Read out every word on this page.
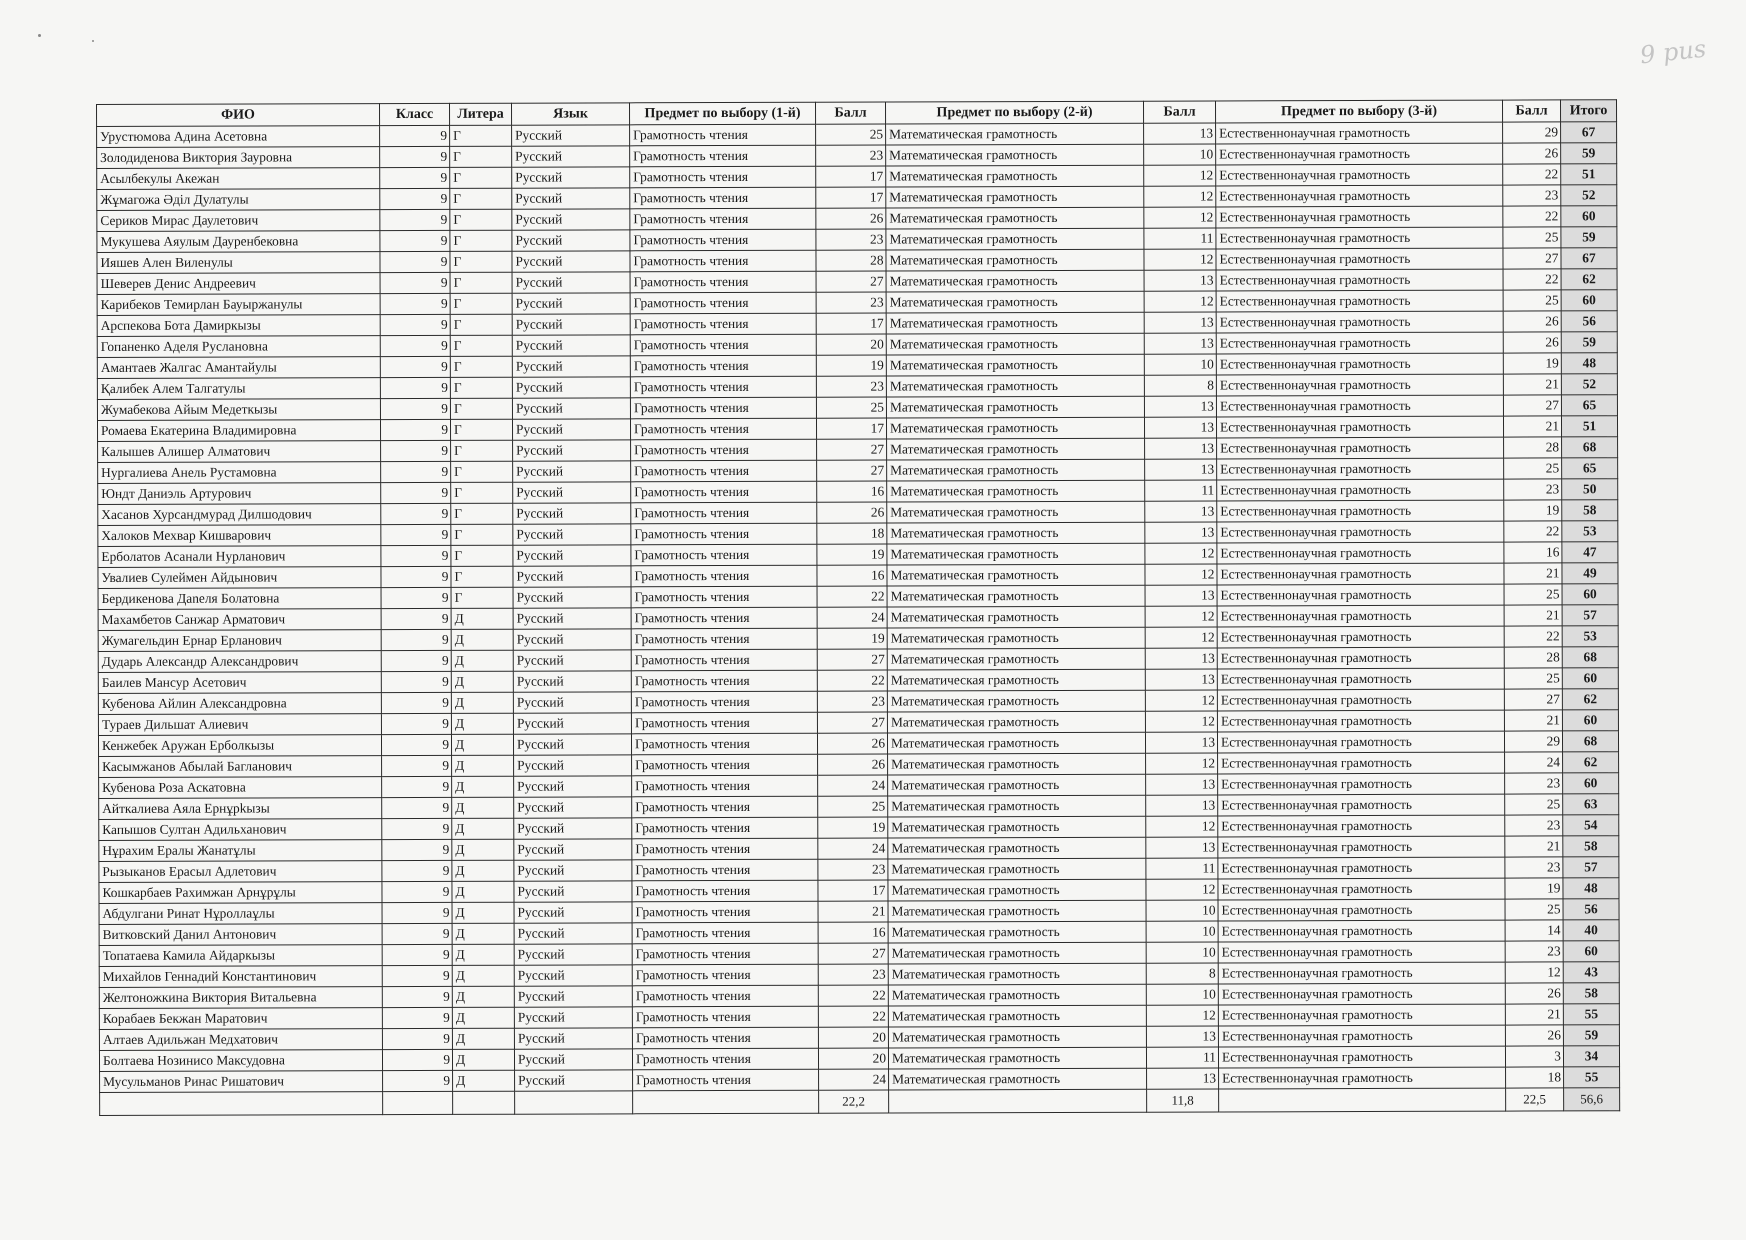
9 рus
ФИО	Класс	Литера	Язык	Предмет по выбору (1-й)	Балл	Предмет по выбору (2-й)	Балл	Предмет по выбору (3-й)	Балл	Итого
Урустюмова Адина Асетовна	9	Г	Русский	Грамотность чтения	25	Математическая грамотность	13	Естественнонаучная грамотность	29	67
Золодиденова Виктория Зауровна	9	Г	Русский	Грамотность чтения	23	Математическая грамотность	10	Естественнонаучная грамотность	26	59
Асылбекулы Акежан	9	Г	Русский	Грамотность чтения	17	Математическая грамотность	12	Естественнонаучная грамотность	22	51
Жұмагожа Әділ Дулатулы	9	Г	Русский	Грамотность чтения	17	Математическая грамотность	12	Естественнонаучная грамотность	23	52
Сериков Мирас Даулетович	9	Г	Русский	Грамотность чтения	26	Математическая грамотность	12	Естественнонаучная грамотность	22	60
Мукушева Аяулым Дауренбековна	9	Г	Русский	Грамотность чтения	23	Математическая грамотность	11	Естественнонаучная грамотность	25	59
Ияшев Ален Виленулы	9	Г	Русский	Грамотность чтения	28	Математическая грамотность	12	Естественнонаучная грамотность	27	67
Шеверев Денис Андреевич	9	Г	Русский	Грамотность чтения	27	Математическая грамотность	13	Естественнонаучная грамотность	22	62
Карибеков Темирлан Бауыржанулы	9	Г	Русский	Грамотность чтения	23	Математическая грамотность	12	Естественнонаучная грамотность	25	60
Арспекова Бота Дамиркызы	9	Г	Русский	Грамотность чтения	17	Математическая грамотность	13	Естественнонаучная грамотность	26	56
Гопаненко Аделя Руслановна	9	Г	Русский	Грамотность чтения	20	Математическая грамотность	13	Естественнонаучная грамотность	26	59
Амантаев Жалгас Амантайулы	9	Г	Русский	Грамотность чтения	19	Математическая грамотность	10	Естественнонаучная грамотность	19	48
Қалибек Алем Талгатулы	9	Г	Русский	Грамотность чтения	23	Математическая грамотность	8	Естественнонаучная грамотность	21	52
Жумабекова Айым Медеткызы	9	Г	Русский	Грамотность чтения	25	Математическая грамотность	13	Естественнонаучная грамотность	27	65
Ромаева Екатерина Владимировна	9	Г	Русский	Грамотность чтения	17	Математическая грамотность	13	Естественнонаучная грамотность	21	51
Калышев Алишер Алматович	9	Г	Русский	Грамотность чтения	27	Математическая грамотность	13	Естественнонаучная грамотность	28	68
Нургалиева Анель Рустамовна	9	Г	Русский	Грамотность чтения	27	Математическая грамотность	13	Естественнонаучная грамотность	25	65
Юндт Даниэль Артурович	9	Г	Русский	Грамотность чтения	16	Математическая грамотность	11	Естественнонаучная грамотность	23	50
Хасанов Хурсандмурад Дилшодович	9	Г	Русский	Грамотность чтения	26	Математическая грамотность	13	Естественнонаучная грамотность	19	58
Халоков Мехвар Кишварович	9	Г	Русский	Грамотность чтения	18	Математическая грамотность	13	Естественнонаучная грамотность	22	53
Ерболатов Асанали Нурланович	9	Г	Русский	Грамотность чтения	19	Математическая грамотность	12	Естественнонаучная грамотность	16	47
Увалиев Сулеймен Айдынович	9	Г	Русский	Грамотность чтения	16	Математическая грамотность	12	Естественнонаучная грамотность	21	49
Бердикенова Даneля Болатовна	9	Г	Русский	Грамотность чтения	22	Математическая грамотность	13	Естественнонаучная грамотность	25	60
Махамбетов Санжар Арматович	9	Д	Русский	Грамотность чтения	24	Математическая грамотность	12	Естественнонаучная грамотность	21	57
Жумагельдин Ернар Ерланович	9	Д	Русский	Грамотность чтения	19	Математическая грамотность	12	Естественнонаучная грамотность	22	53
Дударь Александр Александрович	9	Д	Русский	Грамотность чтения	27	Математическая грамотность	13	Естественнонаучная грамотность	28	68
Баилев Мансур Асетович	9	Д	Русский	Грамотность чтения	22	Математическая грамотность	13	Естественнонаучная грамотность	25	60
Кубенова Айлин Александровна	9	Д	Русский	Грамотность чтения	23	Математическая грамотность	12	Естественнонаучная грамотность	27	62
Тураев Дильшат Алиевич	9	Д	Русский	Грамотность чтения	27	Математическая грамотность	12	Естественнонаучная грамотность	21	60
Кенжебек Аружан Ерболкызы	9	Д	Русский	Грамотность чтения	26	Математическая грамотность	13	Естественнонаучная грамотность	29	68
Касымжанов Абылай Багланович	9	Д	Русский	Грамотность чтения	26	Математическая грамотность	12	Естественнонаучная грамотность	24	62
Кубенова Роза Аскатовна	9	Д	Русский	Грамотность чтения	24	Математическая грамотность	13	Естественнонаучная грамотность	23	60
Айткалиева Аяла Ернұрkызы	9	Д	Русский	Грамотность чтения	25	Математическая грамотность	13	Естественнонаучная грамотность	25	63
Капышов Султан Адильханович	9	Д	Русский	Грамотность чтения	19	Математическая грамотность	12	Естественнонаучная грамотность	23	54
Нұрахим Ералы Жанатұлы	9	Д	Русский	Грамотность чтения	24	Математическая грамотность	13	Естественнонаучная грамотность	21	58
Рызыканов Ерасыл Адлетович	9	Д	Русский	Грамотность чтения	23	Математическая грамотность	11	Естественнонаучная грамотность	23	57
Кошкарбаев Рахимжан Арнұрұлы	9	Д	Русский	Грамотность чтения	17	Математическая грамотность	12	Естественнонаучная грамотность	19	48
Абдулгани Ринат Нұроллаұлы	9	Д	Русский	Грамотность чтения	21	Математическая грамотность	10	Естественнонаучная грамотность	25	56
Витковский Данил Антонович	9	Д	Русский	Грамотность чтения	16	Математическая грамотность	10	Естественнонаучная грамотность	14	40
Топатаева Камила Айдаркызы	9	Д	Русский	Грамотность чтения	27	Математическая грамотность	10	Естественнонаучная грамотность	23	60
Михайлов Геннадий Константинович	9	Д	Русский	Грамотность чтения	23	Математическая грамотность	8	Естественнонаучная грамотность	12	43
Желтоножкина Виктория Витальевна	9	Д	Русский	Грамотность чтения	22	Математическая грамотность	10	Естественнонаучная грамотность	26	58
Корабаев Бекжан Маратович	9	Д	Русский	Грамотность чтения	22	Математическая грамотность	12	Естественнонаучная грамотность	21	55
Алтаев Адильжан Медхатович	9	Д	Русский	Грамотность чтения	20	Математическая грамотность	13	Естественнонаучная грамотность	26	59
Болтаева Нозинисо Максудовна	9	Д	Русский	Грамотность чтения	20	Математическая грамотность	11	Естественнонаучная грамотность	3	34
Мусульманов Ринас Ришатович	9	Д	Русский	Грамотность чтения	24	Математическая грамотность	13	Естественнонаучная грамотность	18	55
					22,2		11,8		22,5	56,6
